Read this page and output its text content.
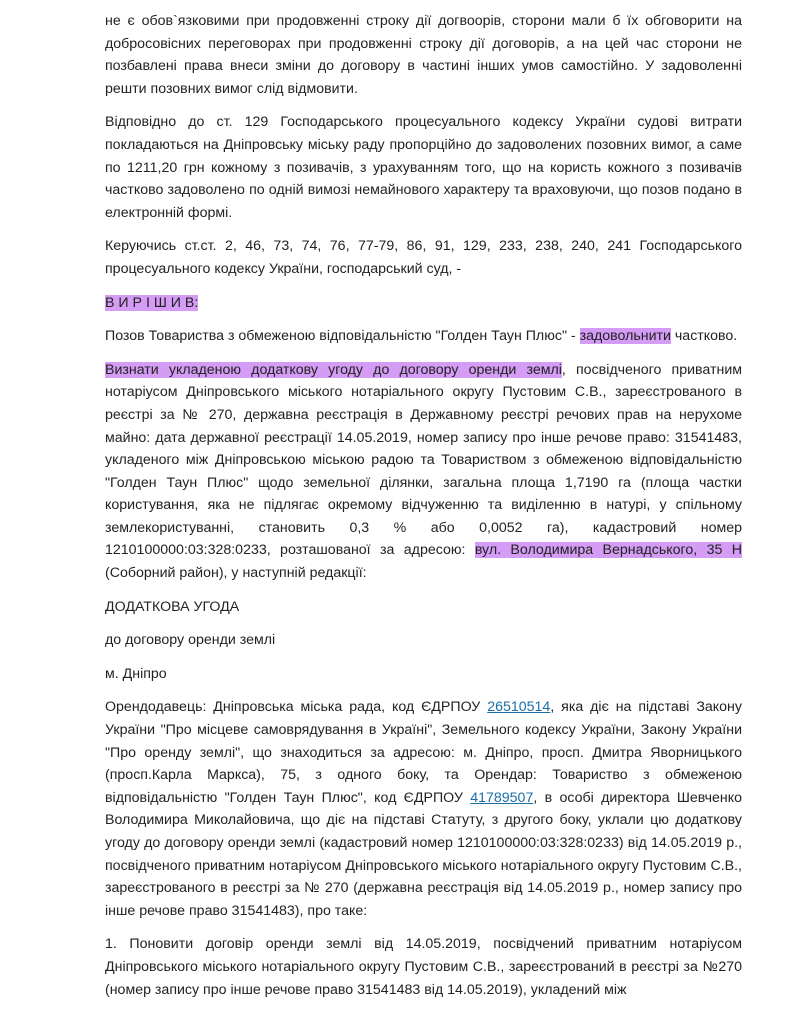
не є обов`язковими при продовженні строку дії догвоорів, сторони мали б їх обговорити на добросовісних переговорах при продовженні строку дії договорів, а на цей час сторони не позбавлені права внеси зміни до договору в частині інших умов самостійно. У задоволенні решти позовних вимог слід відмовити.

Відповідно до ст. 129 Господарського процесуального кодексу України судові витрати покладаються на Дніпровську міську раду пропорційно до задоволених позовних вимог, а саме по 1211,20 грн кожному з позивачів, з урахуванням того, що на користь кожного з позивачів частково задоволено по одній вимозі немайнового характеру та враховуючи, що позов подано в електронній формі.

Керуючись ст.ст. 2, 46, 73, 74, 76, 77-79, 86, 91, 129, 233, 238, 240, 241 Господарського процесуального кодексу України, господарський суд, -

В И Р І Ш И В:

Позов Товариства з обмеженою відповідальністю "Голден Таун Плюс" - задовольнити частково.

Визнати укладеною додаткову угоду до договору оренди землі, посвідченого приватним нотаріусом Дніпровського міського нотаріального округу Пустовим С.В., зареєстрованого в реєстрі за № 270, державна реєстрація в Державному реєстрі речових прав на нерухоме майно: дата державної реєстрації 14.05.2019, номер запису про інше речове право: 31541483, укладеного між Дніпровською міською радою та Товариством з обмеженою відповідальністю "Голден Таун Плюс" щодо земельної ділянки, загальна площа 1,7190 га (площа частки користування, яка не підлягає окремому відчуженню та виділенню в натурі, у спільному землекористуванні, становить 0,3 % або 0,0052 га), кадастровий номер 1210100000:03:328:0233, розташованої за адресою: вул. Володимира Вернадського, 35 Н (Соборний район), у наступній редакції:

ДОДАТКОВА УГОДА

до договору оренди землі

м. Дніпро

Орендодавець: Дніпровська міська рада, код ЄДРПОУ 26510514, яка діє на підставі Закону України "Про місцеве самоврядування в Україні", Земельного кодексу України, Закону України "Про оренду землі", що знаходиться за адресою: м. Дніпро, просп. Дмитра Яворницького (просп.Карла Маркса), 75, з одного боку, та Орендар: Товариство з обмеженою відповідальністю "Голден Таун Плюс", код ЄДРПОУ 41789507, в особі директора Шевченко Володимира Миколайовича, що діє на підставі Статуту, з другого боку, уклали цю додаткову угоду до договору оренди землі (кадастровий номер 1210100000:03:328:0233) від 14.05.2019 р., посвідченого приватним нотаріусом Дніпровського міського нотаріального округу Пустовим С.В., зареєстрованого в реєстрі за № 270 (державна реєстрація від 14.05.2019 р., номер запису про інше речове право 31541483), про таке:

1. Поновити договір оренди землі від 14.05.2019, посвідчений приватним нотаріусом Дніпровського міського нотаріального округу Пустовим С.В., зареєстрований в реєстрі за №270 (номер запису про інше речове право 31541483 від 14.05.2019), укладений між
